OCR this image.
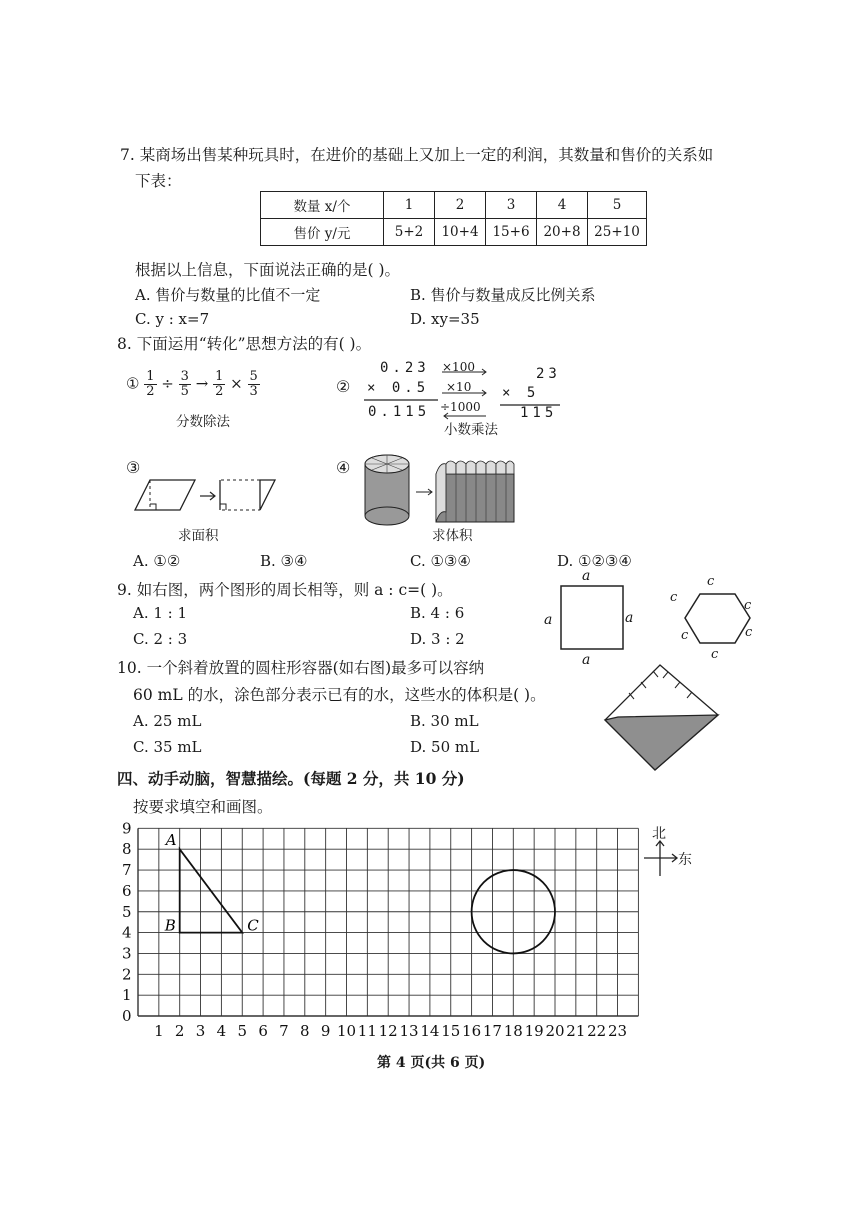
7. 某商场出售某种玩具时，在进价的基础上又加上一定的利润，其数量和售价的关系如
下表：
数量 x/个	1	2	3	4	5
售价 y/元	5+2	10+4	15+6	20+8	25+10
根据以上信息，下面说法正确的是( )。
A. 售价与数量的比值不一定	B. 售价与数量成反比例关系
C. y : x=7	D. xy=35
8. 下面运用“转化”思想方法的有( )。
① $\frac{1}{2} \div \frac{3}{5} \to \frac{1}{2} \times \frac{5}{3}$
分数除法
②
0.23
× 0.5
0.115
×100
×10
÷1000
23
× 5
115
小数乘法
③
求面积
④
求体积
A. ①②	B. ③④	C. ①③④	D. ①②③④
9. 如右图，两个图形的周长相等，则 a : c=( )。
A. 1 : 1	B. 4 : 6
C. 2 : 3	D. 3 : 2
a
a	a
a
c
c
c
c	c
c
10. 一个斜着放置的圆柱形容器(如右图)最多可以容纳
60 mL 的水，涂色部分表示已有的水，这些水的体积是( )。
A. 25 mL	B. 30 mL
C. 35 mL	D. 50 mL
四、动手动脑，智慧描绘。(每题 2 分，共 10 分)
按要求填空和画图。
0
1
2
3
4
5
6
7
8
9
1 2 3 4 5 6 7 8 9 10 11 12 13 14 15 16 17 18 19 20 21 22 23
A
B	C
北
东
第 4 页(共 6 页)
